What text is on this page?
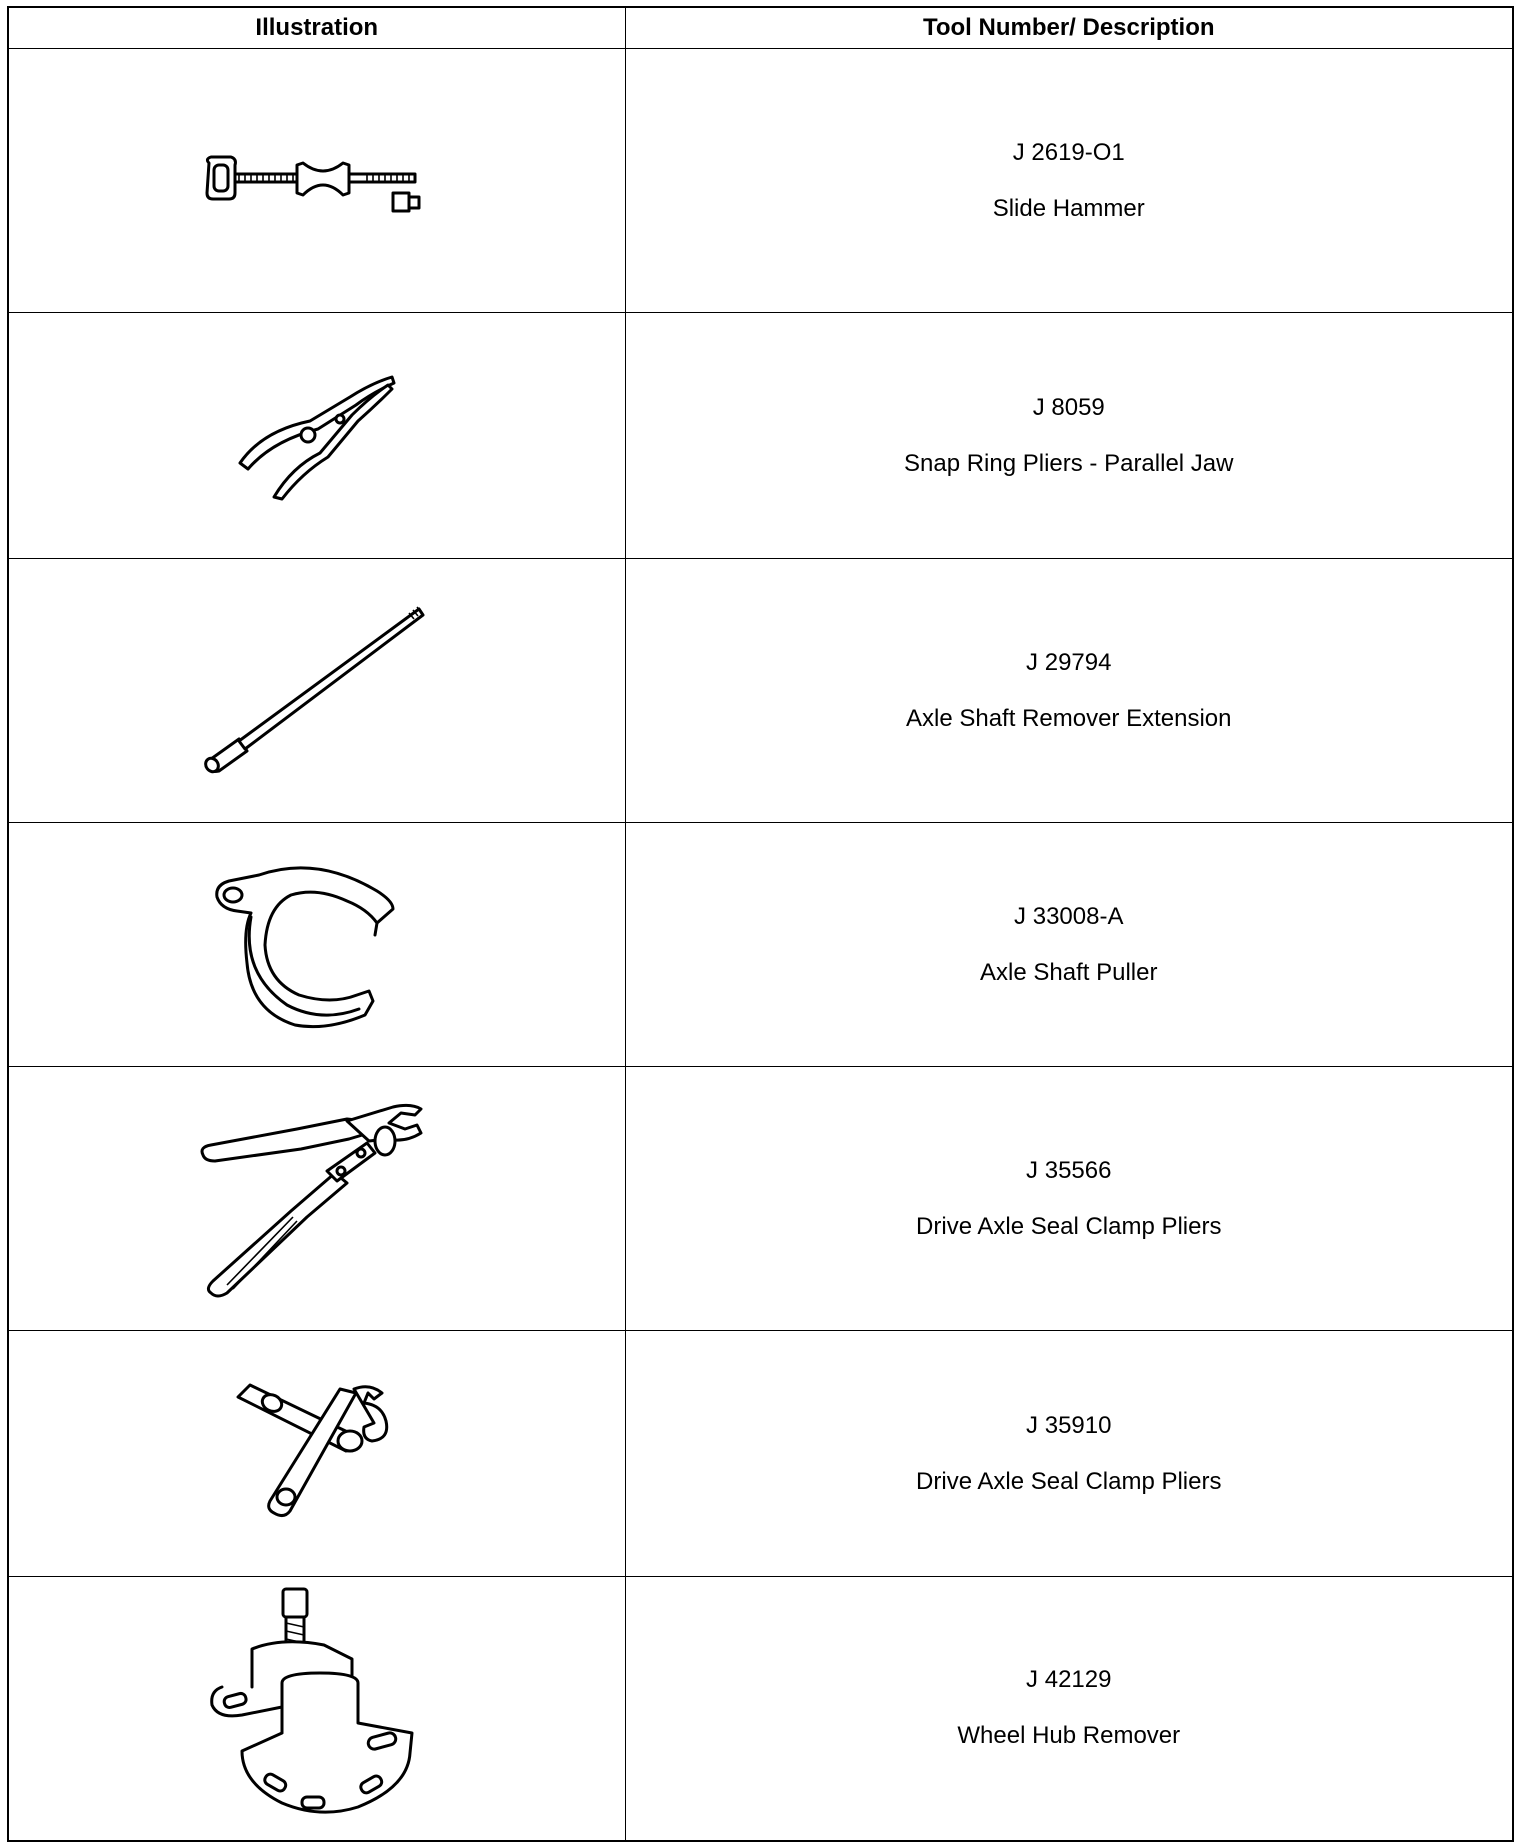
Illustration	Tool Number/ Description

J 2619-O1
Slide Hammer

J 8059
Snap Ring Pliers - Parallel Jaw

J 29794
Axle Shaft Remover Extension

J 33008-A
Axle Shaft Puller

J 35566
Drive Axle Seal Clamp Pliers

J 35910
Drive Axle Seal Clamp Pliers

J 42129
Wheel Hub Remover
